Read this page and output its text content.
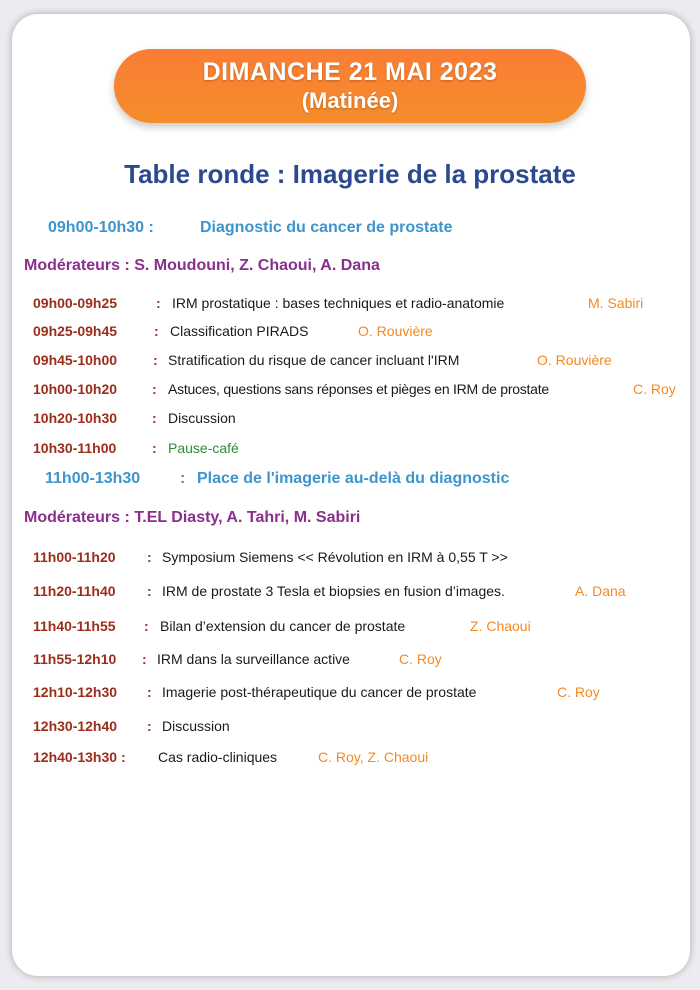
DIMANCHE 21 MAI 2023
(Matinée)
Table ronde : Imagerie de la prostate
09h00-10h30 :	Diagnostic du cancer de prostate
Modérateurs : S. Moudouni, Z. Chaoui, A. Dana
09h00-09h25	: IRM prostatique : bases techniques et radio-anatomie	M. Sabiri
09h25-09h45	: Classification PIRADS	O. Rouvière
09h45-10h00	: Stratification du risque de cancer incluant l'IRM	O. Rouvière
10h00-10h20 : Astuces, questions sans réponses et pièges en IRM de prostate	C. Roy
10h20-10h30 : Discussion
10h30-11h00	: Pause-café
11h00-13h30 : Place de l'imagerie au-delà du diagnostic
Modérateurs : T.EL Diasty, A. Tahri, M. Sabiri
11h00-11h20 : Symposium Siemens << Révolution en IRM à 0,55 T >>
11h20-11h40 : IRM de prostate 3 Tesla et biopsies en fusion d’images.	A. Dana
11h40-11h55 : Bilan d’extension du cancer de prostate	Z. Chaoui
11h55-12h10 : IRM dans la surveillance active	C. Roy
12h10-12h30 : Imagerie post-thérapeutique du cancer de prostate	C. Roy
12h30-12h40 : Discussion
12h40-13h30 : Cas radio-cliniques	C. Roy, Z. Chaoui
